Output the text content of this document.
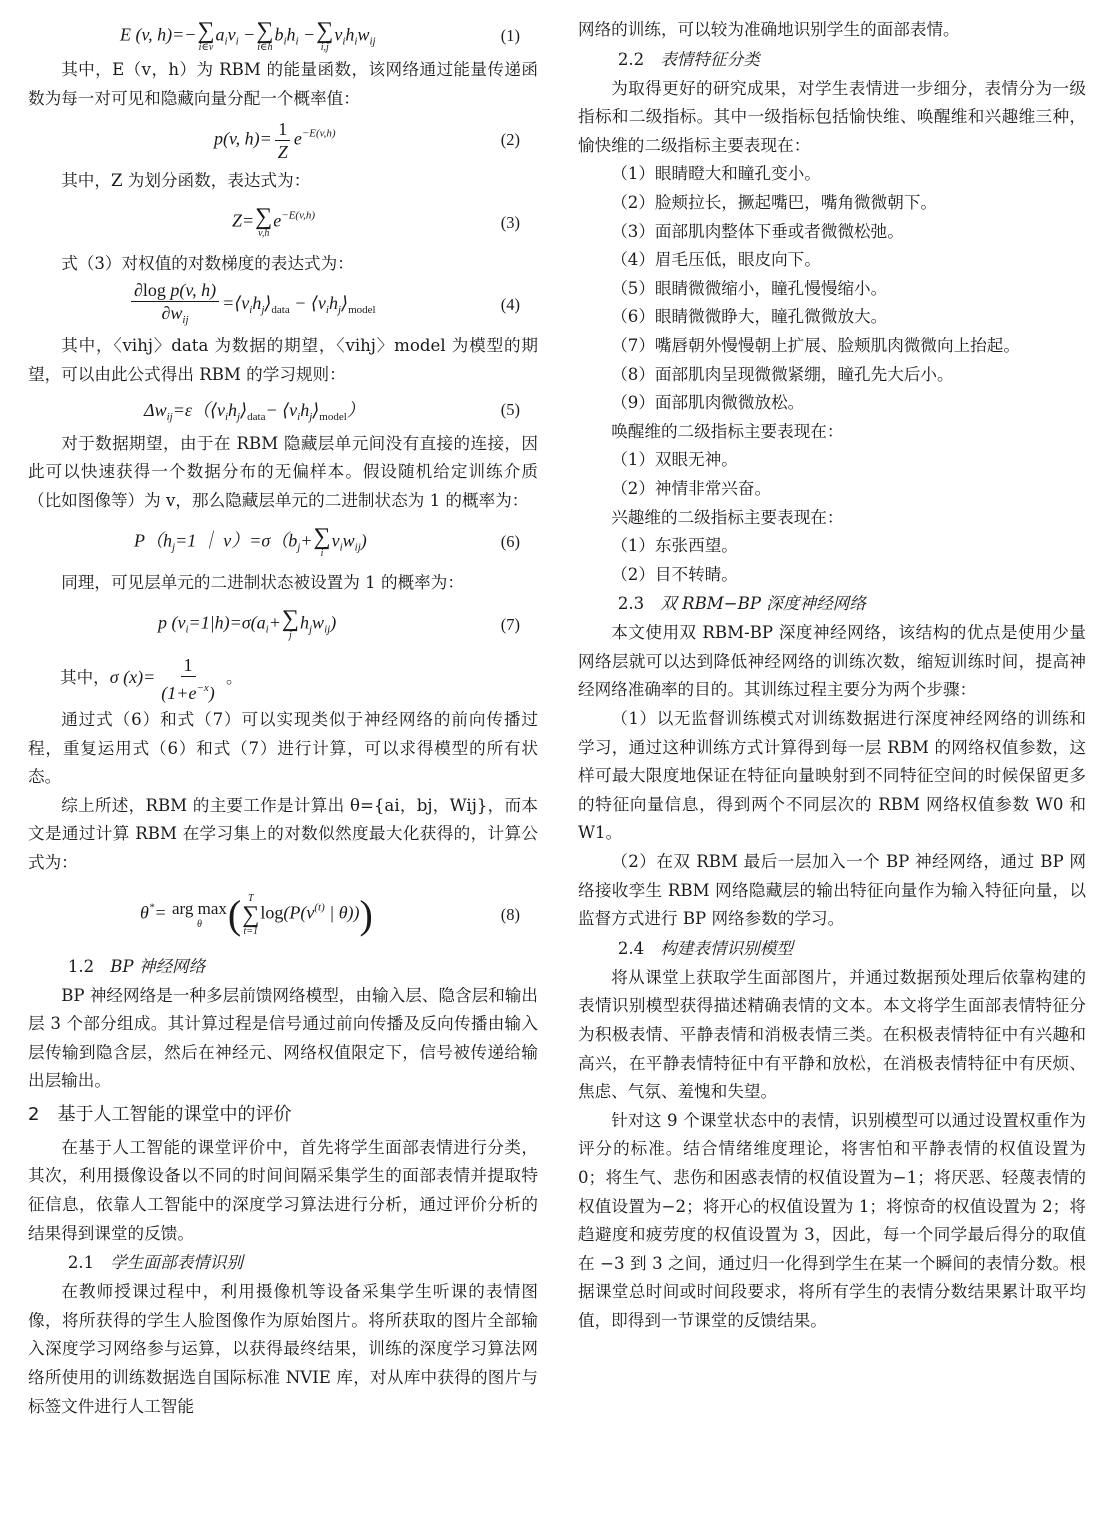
E (v, h)=− ∑
i∈v
$a_iv_i$ − ∑
i∈h
$b_ih_i$ − ∑
i,j
$v_ih_iw_{ij}$	(1)

其中，E（v，h）为 RBM 的能量函数，该网络通过能量传递函数为每一对可见和隐藏向量分配一个概率值：

p(v, $h)= \frac{1}{Z} e^{-E(v,h)}$	(2)

其中，Z 为划分函数，表达式为：

Z= ∑
v,h
$e^{-E(v,h)}$	(3)

式（3）对权值的对数梯度的表达式为：

$\frac{\text{∂log p(v, h)}}{\partial w_{ij}}$ $=⟨v_ih_j⟩_{data}$ − $⟨v_ih_j⟩_{model}$	(4)

其中，〈vihj〉data 为数据的期望，〈vihj〉model 为模型的期望，可以由此公式得出 RBM 的学习规则：

$\Delta w_{ij}=\varepsilon(⟨v_ih_j⟩_{data}-$ $⟨v_ih_j⟩_{model}$）	(5)

对于数据期望，由于在 RBM 隐藏层单元间没有直接的连接，因此可以快速获得一个数据分布的无偏样本。假设随机给定训练介质（比如图像等）为 v，那么隐藏层单元的二进制状态为 1 的概率为：

$P(h_j=1$ ｜ $v)=\sigma(b_j+$ ∑
i
$v_iw_{ij}$)	(6)

同理，可见层单元的二进制状态被设置为 1 的概率为：

p $(v_i=1|h)=\sigma(a_i+$ ∑
j
$h_jw_{ij}$)	(7)
其中，σ $(x)= \frac{1}{(1+e^{-x})}$ 。

通过式（6）和式（7）可以实现类似于神经网络的前向传播过程，重复运用式（6）和式（7）进行计算，可以求得模型的所有状态。

综上所述，RBM 的主要工作是计算出 θ={ai，bj，Wij}，而本文是通过计算 RBM 在学习集上的对数似然度最大化获得的，计算公式为：

θ*= arg max
θ ( T
∑
t=1
$\log(P(v^{(t)}$ | θ)))	(8)
1.2 BP 神经网络

BP 神经网络是一种多层前馈网络模型，由输入层、隐含层和输出层 3 个部分组成。其计算过程是信号通过前向传播及反向传播由输入层传输到隐含层，然后在神经元、网络权值限定下，信号被传递给输出层输出。

2 基于人工智能的课堂中的评价

在基于人工智能的课堂评价中，首先将学生面部表情进行分类，其次，利用摄像设备以不同的时间间隔采集学生的面部表情并提取特征信息，依靠人工智能中的深度学习算法进行分析，通过评价分析的结果得到课堂的反馈。

2.1 学生面部表情识别

在教师授课过程中，利用摄像机等设备采集学生听课的表情图像，将所获得的学生人脸图像作为原始图片。将所获取的图片全部输入深度学习网络参与运算，以获得最终结果，训练的深度学习算法网络所使用的训练数据选自国际标准 NVIE 库，对从库中获得的图片与标签文件进行人工智能

网络的训练，可以较为准确地识别学生的面部表情。

2.2 表情特征分类

为取得更好的研究成果，对学生表情进一步细分，表情分为一级指标和二级指标。其中一级指标包括愉快维、唤醒维和兴趣维三种，愉快维的二级指标主要表现在：

（1）眼睛瞪大和瞳孔变小。

（2）脸颊拉长，撅起嘴巴，嘴角微微朝下。

（3）面部肌肉整体下垂或者微微松弛。

（4）眉毛压低，眼皮向下。

（5）眼睛微微缩小，瞳孔慢慢缩小。

（6）眼睛微微睁大，瞳孔微微放大。

（7）嘴唇朝外慢慢朝上扩展、脸颊肌肉微微向上抬起。

（8）面部肌肉呈现微微紧绷，瞳孔先大后小。

（9）面部肌肉微微放松。

唤醒维的二级指标主要表现在：

（1）双眼无神。

（2）神情非常兴奋。

兴趣维的二级指标主要表现在：

（1）东张西望。

（2）目不转睛。

2.3 双 RBM−BP 深度神经网络

本文使用双 RBM-BP 深度神经网络，该结构的优点是使用少量网络层就可以达到降低神经网络的训练次数，缩短训练时间，提高神经网络准确率的目的。其训练过程主要分为两个步骤：

（1）以无监督训练模式对训练数据进行深度神经网络的训练和学习，通过这种训练方式计算得到每一层 RBM 的网络权值参数，这样可最大限度地保证在特征向量映射到不同特征空间的时候保留更多的特征向量信息，得到两个不同层次的 RBM 网络权值参数 W0 和 W1。

（2）在双 RBM 最后一层加入一个 BP 神经网络，通过 BP 网络接收孪生 RBM 网络隐藏层的输出特征向量作为输入特征向量，以监督方式进行 BP 网络参数的学习。

2.4 构建表情识别模型

将从课堂上获取学生面部图片，并通过数据预处理后依靠构建的表情识别模型获得描述精确表情的文本。本文将学生面部表情特征分为积极表情、平静表情和消极表情三类。在积极表情特征中有兴趣和高兴，在平静表情特征中有平静和放松，在消极表情特征中有厌烦、焦虑、气氛、羞愧和失望。

针对这 9 个课堂状态中的表情，识别模型可以通过设置权重作为评分的标准。结合情绪维度理论，将害怕和平静表情的权值设置为0；将生气、悲伤和困惑表情的权值设置为−1；将厌恶、轻蔑表情的权值设置为−2；将开心的权值设置为 1；将惊奇的权值设置为 2；将趋避度和疲劳度的权值设置为 3，因此，每一个同学最后得分的取值在 −3 到 3 之间，通过归一化得到学生在某一个瞬间的表情分数。根据课堂总时间或时间段要求，将所有学生的表情分数结果累计取平均值，即得到一节课堂的反馈结果。
